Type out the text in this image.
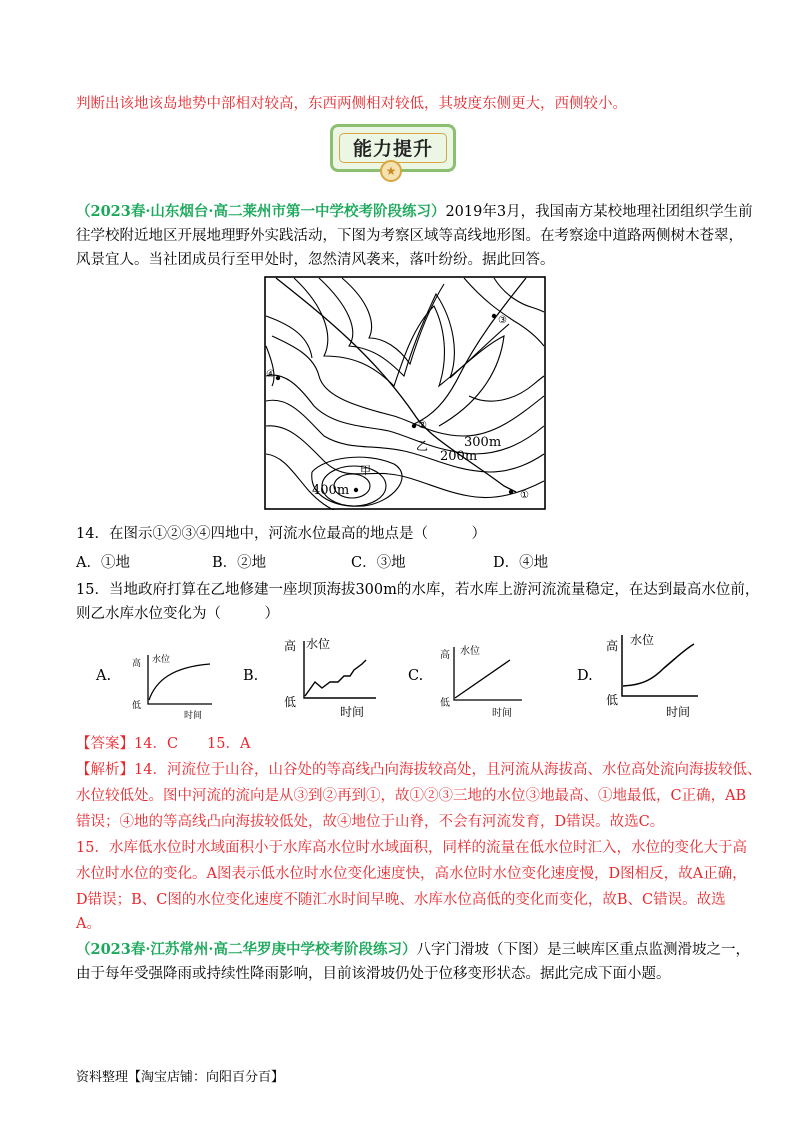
判断出该地该岛地势中部相对较高，东西两侧相对较低，其坡度东侧更大，西侧较小。
能力提升
★
（2023春·山东烟台·高二莱州市第一中学校考阶段练习）2019年3月，我国南方某校地理社团组织学生前
往学校附近地区开展地理野外实践活动，下图为考察区域等高线地形图。在考察途中道路两侧树木苍翠，
风景宜人。当社团成员行至甲处时，忽然清风袭来，落叶纷纷。据此回答。
③
④
②
①
乙
甲
300m
200m
400m
14．在图示①②③④四地中，河流水位最高的地点是（　　　）
A．①地	B．②地	C．③地	D．④地
15．当地政府打算在乙地修建一座坝顶海拔300m的水库，若水库上游河流流量稳定，在达到最高水位前，
则乙水库水位变化为（　　　）
A.	B.	C.	D.
高 水位
低
时间
高 水位
低
时间
高 水位
低
时间
高 水位
低
时间
【答案】14．C　　15．A
【解析】14．河流位于山谷，山谷处的等高线凸向海拔较高处，且河流从海拔高、水位高处流向海拔较低、
水位较低处。图中河流的流向是从③到②再到①，故①②③三地的水位③地最高、①地最低，C正确，AB
错误；④地的等高线凸向海拔较低处，故④地位于山脊，不会有河流发育，D错误。故选C。
15．水库低水位时水域面积小于水库高水位时水域面积，同样的流量在低水位时汇入，水位的变化大于高
水位时水位的变化。A图表示低水位时水位变化速度快，高水位时水位变化速度慢，D图相反，故A正确，
D错误；B、C图的水位变化速度不随汇水时间早晚、水库水位高低的变化而变化，故B、C错误。故选
A。
（2023春·江苏常州·高二华罗庚中学校考阶段练习）八字门滑坡（下图）是三峡库区重点监测滑坡之一，
由于每年受强降雨或持续性降雨影响，目前该滑坡仍处于位移变形状态。据此完成下面小题。
资料整理【淘宝店铺：向阳百分百】
